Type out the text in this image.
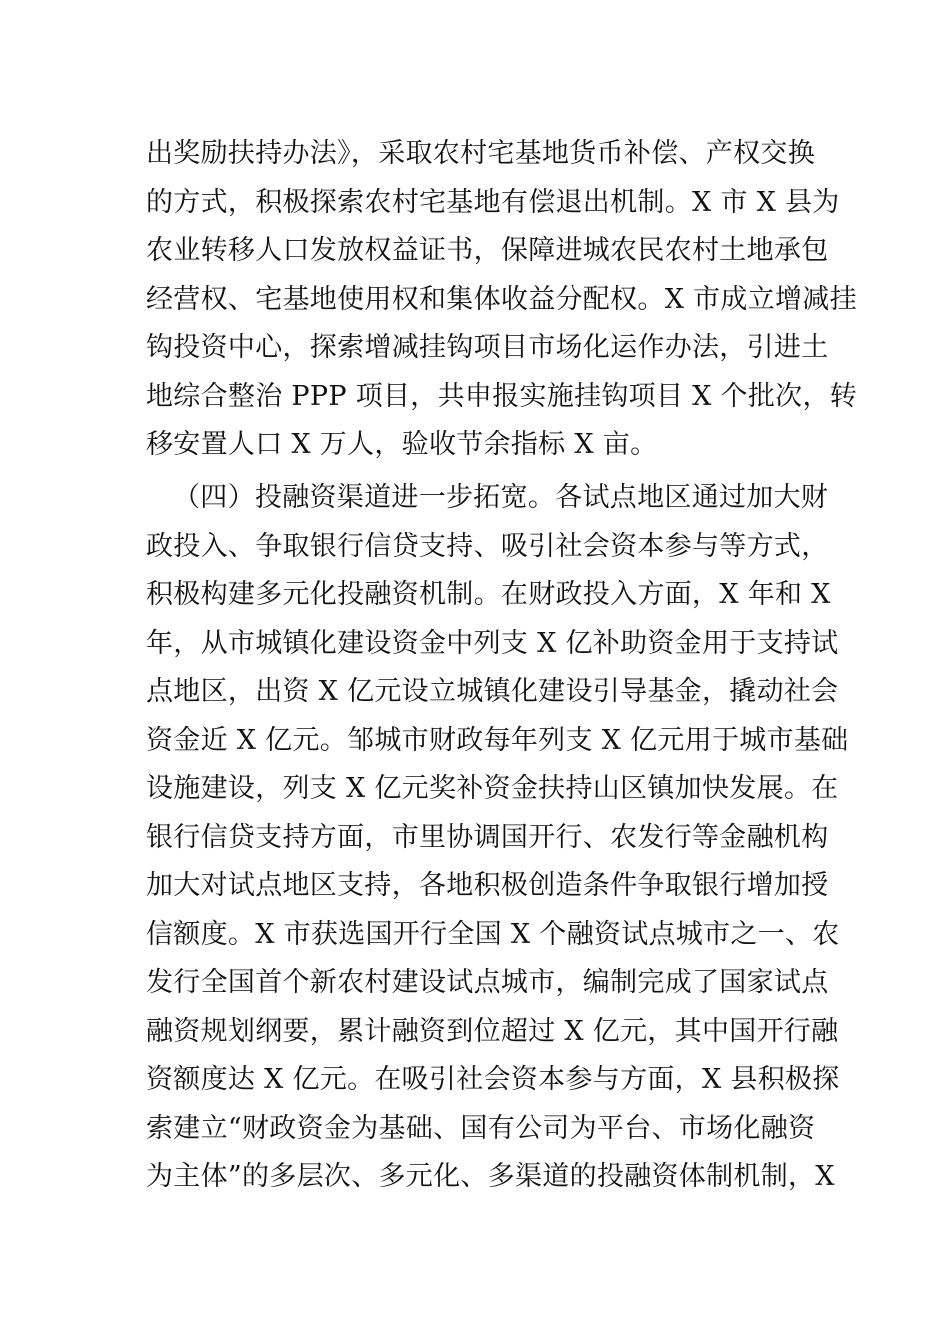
出奖励扶持办法》，采取农村宅基地货币补偿、产权交换
的方式，积极探索农村宅基地有偿退出机制。X 市 X 县为
农业转移人口发放权益证书，保障进城农民农村土地承包
经营权、宅基地使用权和集体收益分配权。X 市成立增减挂
钩投资中心，探索增减挂钩项目市场化运作办法，引进土
地综合整治 PPP 项目，共申报实施挂钩项目 X 个批次，转
移安置人口 X 万人，验收节余指标 X 亩。
（四）投融资渠道进一步拓宽。各试点地区通过加大财
政投入、争取银行信贷支持、吸引社会资本参与等方式，
积极构建多元化投融资机制。在财政投入方面，X 年和 X
年，从市城镇化建设资金中列支 X 亿补助资金用于支持试
点地区，出资 X 亿元设立城镇化建设引导基金，撬动社会
资金近 X 亿元。邹城市财政每年列支 X 亿元用于城市基础
设施建设，列支 X 亿元奖补资金扶持山区镇加快发展。在
银行信贷支持方面，市里协调国开行、农发行等金融机构
加大对试点地区支持，各地积极创造条件争取银行增加授
信额度。X 市获选国开行全国 X 个融资试点城市之一、农
发行全国首个新农村建设试点城市，编制完成了国家试点
融资规划纲要，累计融资到位超过 X 亿元，其中国开行融
资额度达 X 亿元。在吸引社会资本参与方面，X 县积极探
索建立“财政资金为基础、国有公司为平台、市场化融资
为主体”的多层次、多元化、多渠道的投融资体制机制，X
